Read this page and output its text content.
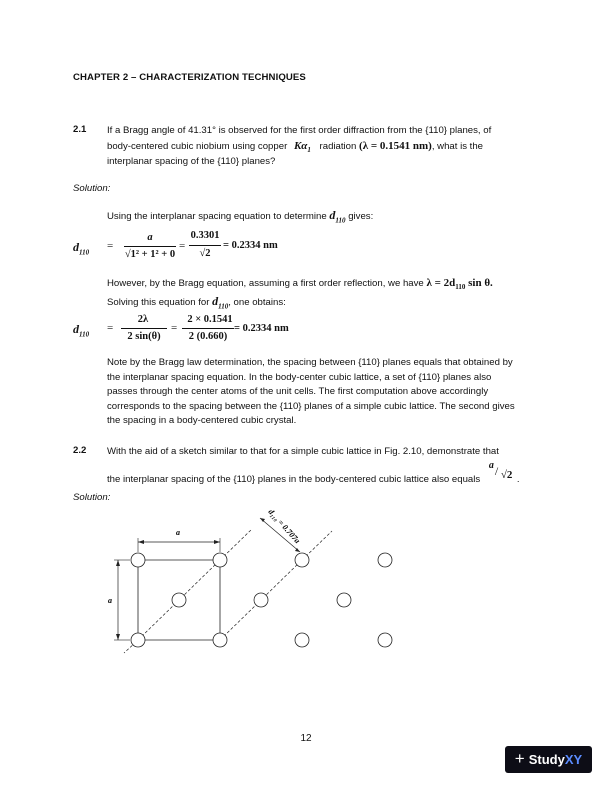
CHAPTER 2 – CHARACTERIZATION TECHNIQUES
2.1 If a Bragg angle of 41.31° is observed for the first order diffraction from the {110} planes, of
body-centered cubic niobium using copper $K\alpha_1$ radiation (λ = 0.1541 nm), what is the
interplanar spacing of the {110} planes?
Solution:
Using the interplanar spacing equation to determine $d_{110}$ gives:
$d_{110}$
=
a
√1² + 1² + 0
=
0.3301
√2
= 0.2334 nm
However, by the Bragg equation, assuming a first order reflection, we have $\lambda = 2d_{110}$ sin θ.
Solving this equation for $d_{110}$, one obtains:
$d_{110}$
=
2λ
2 sin(θ)
=
2 × 0.1541
2 (0.660)
= 0.2334 nm
Note by the Bragg law determination, the spacing between {110} planes equals that obtained by
the interplanar spacing equation. In the body-center cubic lattice, a set of {110} planes also
passes through the center atoms of the unit cells. The first computation above accordingly
corresponds to the spacing between the {110} planes of a simple cubic lattice. The second gives
the spacing in a body-centered cubic crystal.
2.2 With the aid of a sketch similar to that for a simple cubic lattice in Fig. 2.10, demonstrate that
the interplanar spacing of the {110} planes in the body-centered cubic lattice also equals
a / √2 .
Solution:
a
a
d₁₁₀ = 0.707a
12
+ Study XY
